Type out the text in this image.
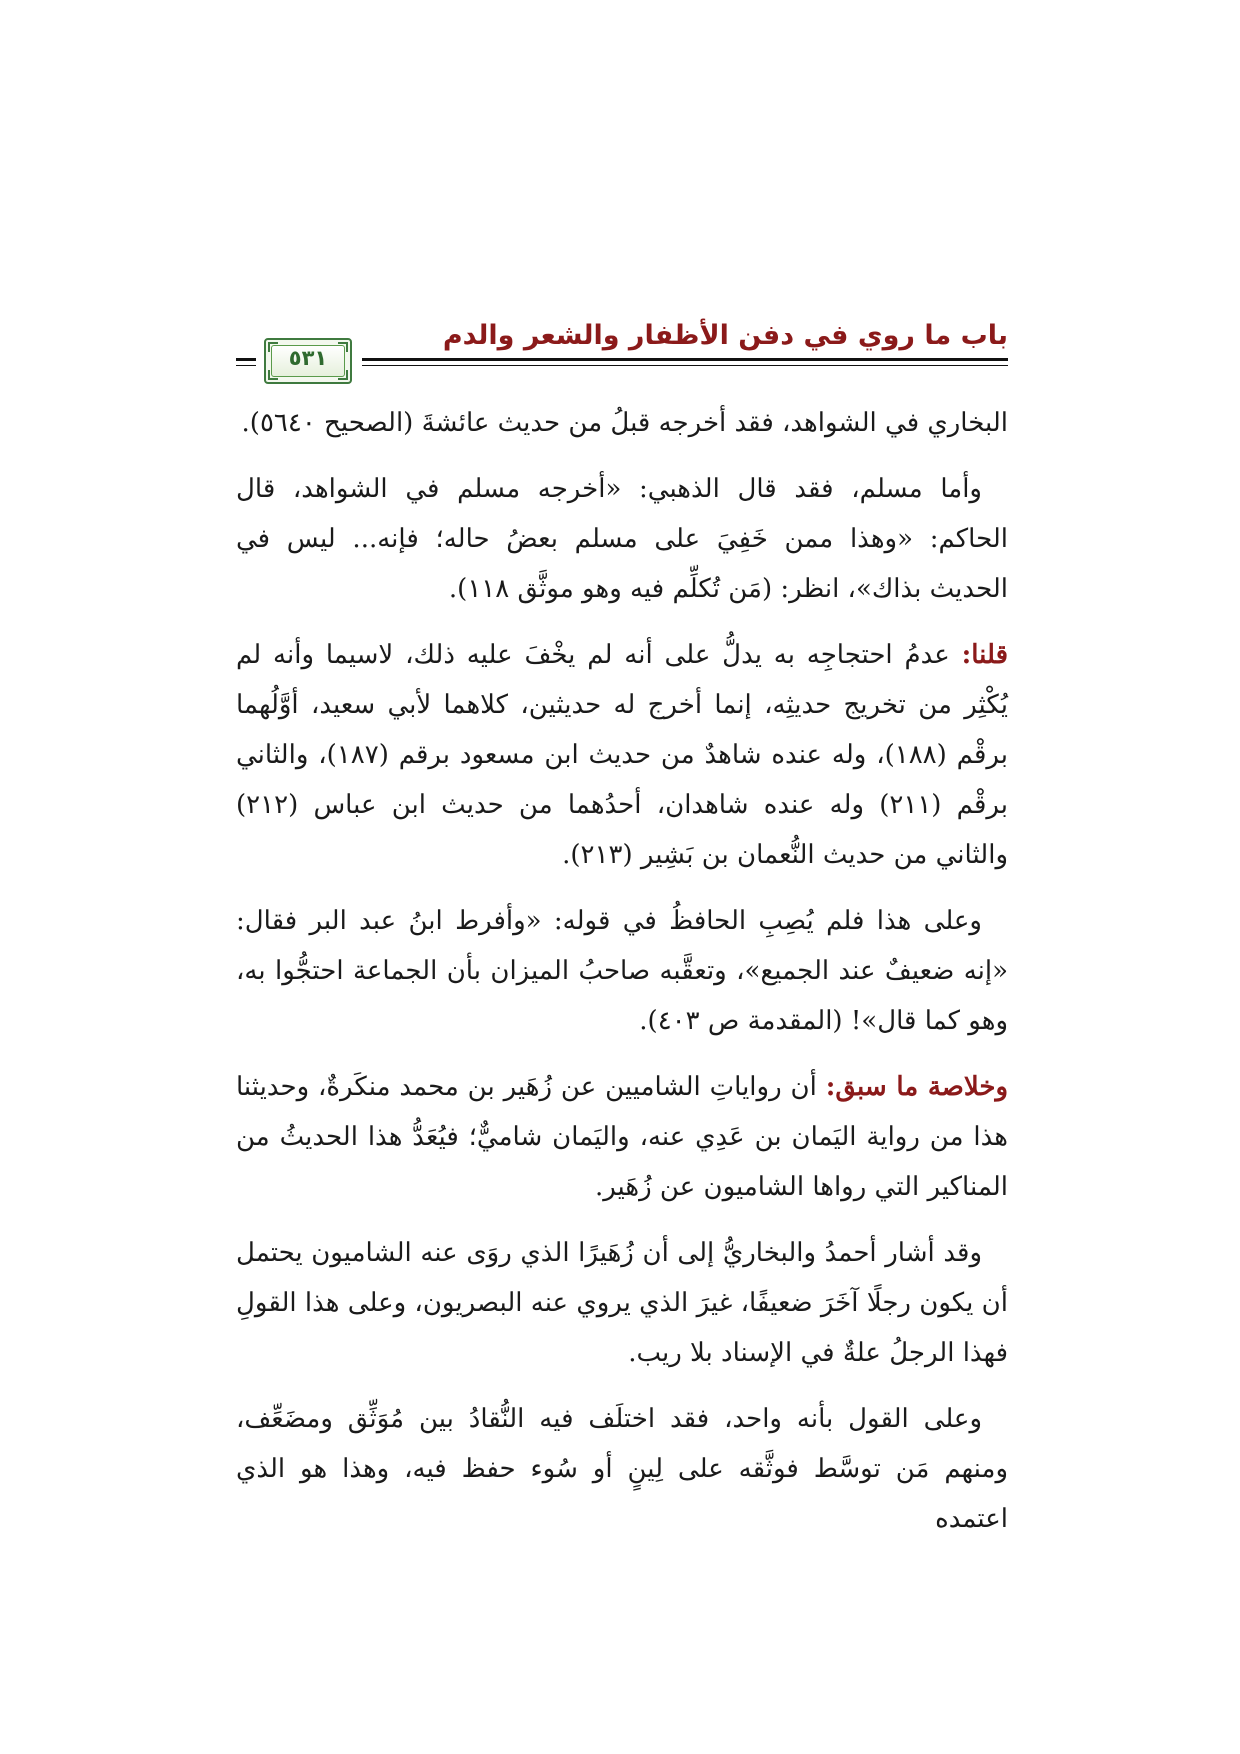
باب ما روي في دفن الأظفار والشعر والدم
٥٣١

البخاري في الشواهد، فقد أخرجه قبلُ من حديث عائشةَ (الصحيح ٥٦٤٠).

وأما مسلم، فقد قال الذهبي: «أخرجه مسلم في الشواهد، قال الحاكم: «وهذا ممن خَفِيَ على مسلم بعضُ حاله؛ فإنه... ليس في الحديث بذاك»، انظر: (مَن تُكلِّم فيه وهو موثَّق ١١٨).

قلنا: عدمُ احتجاجِه به يدلُّ على أنه لم يخْفَ عليه ذلك، لاسيما وأنه لم يُكْثِر من تخريج حديثِه، إنما أخرج له حديثين، كلاهما لأبي سعيد، أوَّلُهما برقْم (١٨٨)، وله عنده شاهدٌ من حديث ابن مسعود برقم (١٨٧)، والثاني برقْم (٢١١) وله عنده شاهدان، أحدُهما من حديث ابن عباس (٢١٢) والثاني من حديث النُّعمان بن بَشِير (٢١٣).

وعلى هذا فلم يُصِبِ الحافظُ في قوله: «وأفرط ابنُ عبد البر فقال: «إنه ضعيفٌ عند الجميع»، وتعقَّبه صاحبُ الميزان بأن الجماعة احتجُّوا به، وهو كما قال»! (المقدمة ص ٤٠٣).

وخلاصة ما سبق: أن رواياتِ الشاميين عن زُهَير بن محمد منكَرةٌ، وحديثنا هذا من رواية اليَمان بن عَدِي عنه، واليَمان شاميٌّ؛ فيُعَدُّ هذا الحديثُ من المناكير التي رواها الشاميون عن زُهَير.

وقد أشار أحمدُ والبخاريُّ إلى أن زُهَيرًا الذي روَى عنه الشاميون يحتمل أن يكون رجلًا آخَرَ ضعيفًا، غيرَ الذي يروي عنه البصريون، وعلى هذا القولِ فهذا الرجلُ علةٌ في الإسناد بلا ريب.

وعلى القول بأنه واحد، فقد اختلَف فيه النُّقادُ بين مُوَثِّق ومضَعِّف، ومنهم مَن توسَّط فوثَّقه على لِينٍ أو سُوء حفظ فيه، وهذا هو الذي اعتمده
